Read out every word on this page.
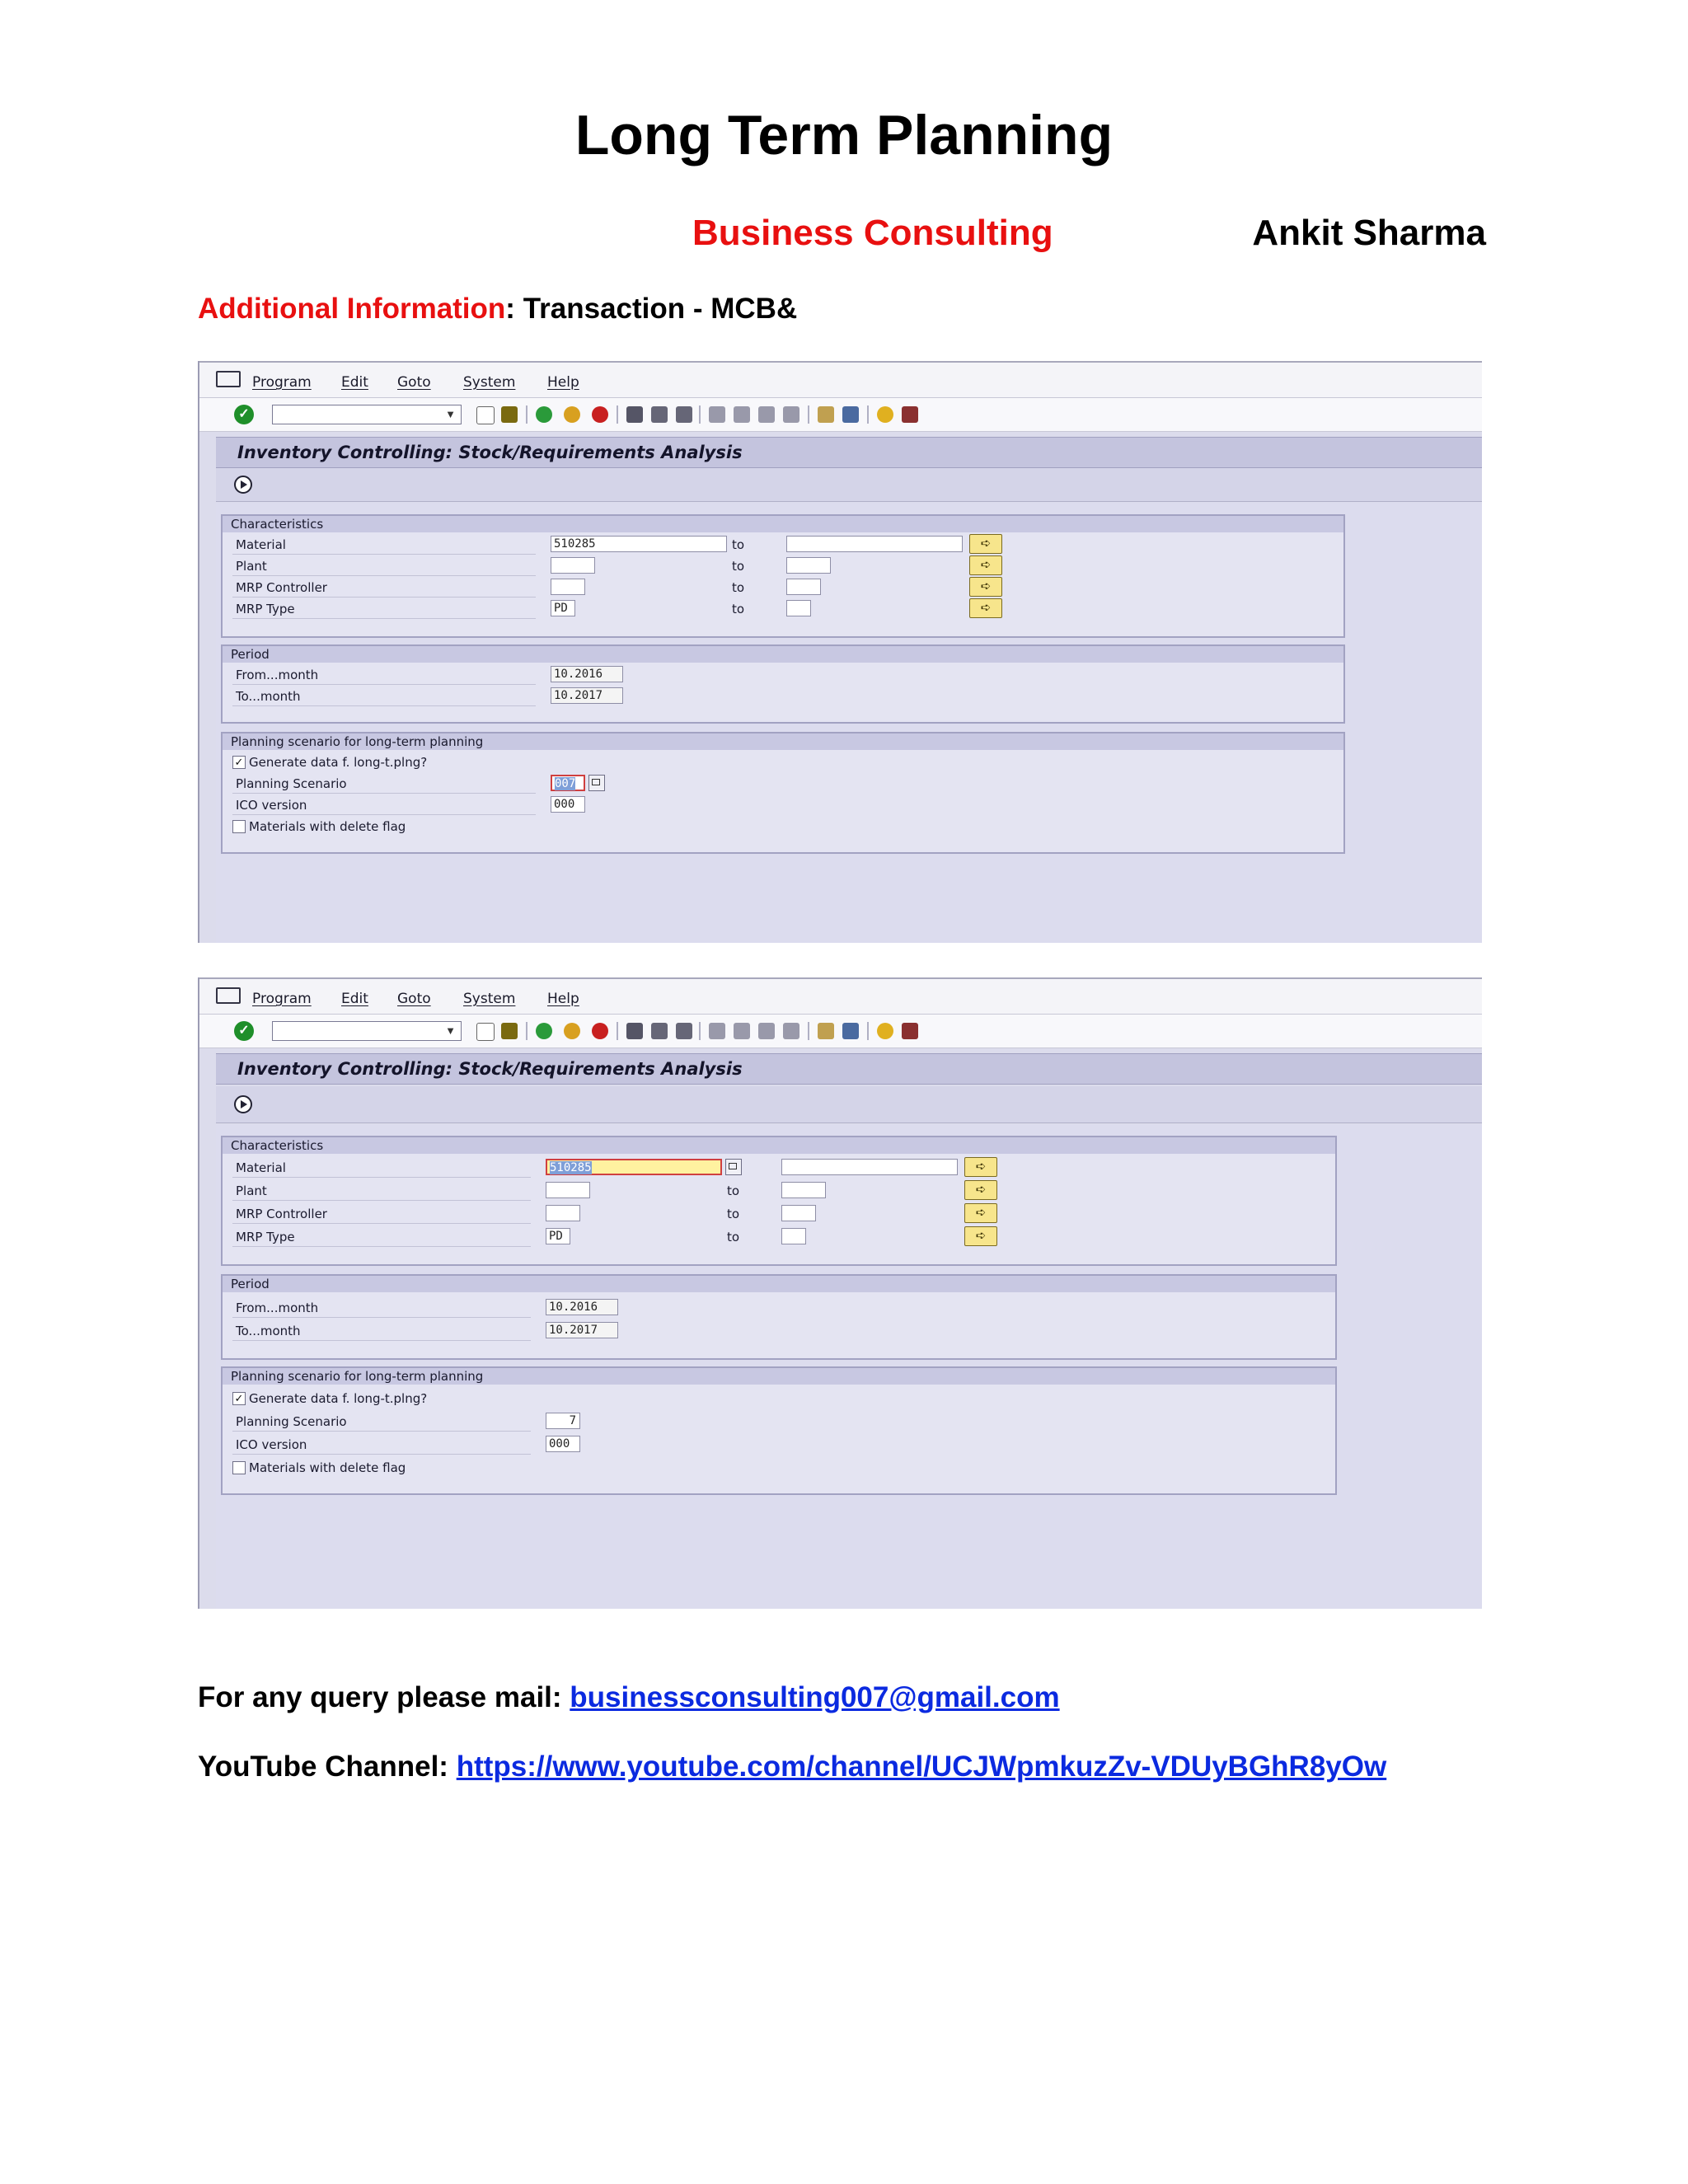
Long Term Planning
Business Consulting	Ankit Sharma
Additional Information: Transaction - MCB&
Program Edit Goto System Help
✓	▼
Inventory Controlling: Stock/Requirements Analysis
Characteristics
Material	510285	to	➪
Plant	to	➪
MRP Controller	to	➪
MRP Type	PD	to	➪
Period
From...month	10.2016
To...month	10.2017
Planning scenario for long-term planning
✓ Generate data f. long-t.plng?
Planning Scenario	007
ICO version	000
Materials with delete flag
Program Edit Goto System Help
✓	▼
Inventory Controlling: Stock/Requirements Analysis
Characteristics
Material	510285	➪
Plant	to	➪
MRP Controller	to	➪
MRP Type	PD	to	➪
Period
From...month	10.2016
To...month	10.2017
Planning scenario for long-term planning
✓ Generate data f. long-t.plng?
Planning Scenario	7
ICO version	000
Materials with delete flag
For any query please mail: businessconsulting007@gmail.com
YouTube Channel: https://www.youtube.com/channel/UCJWpmkuzZv-VDUyBGhR8yOw
